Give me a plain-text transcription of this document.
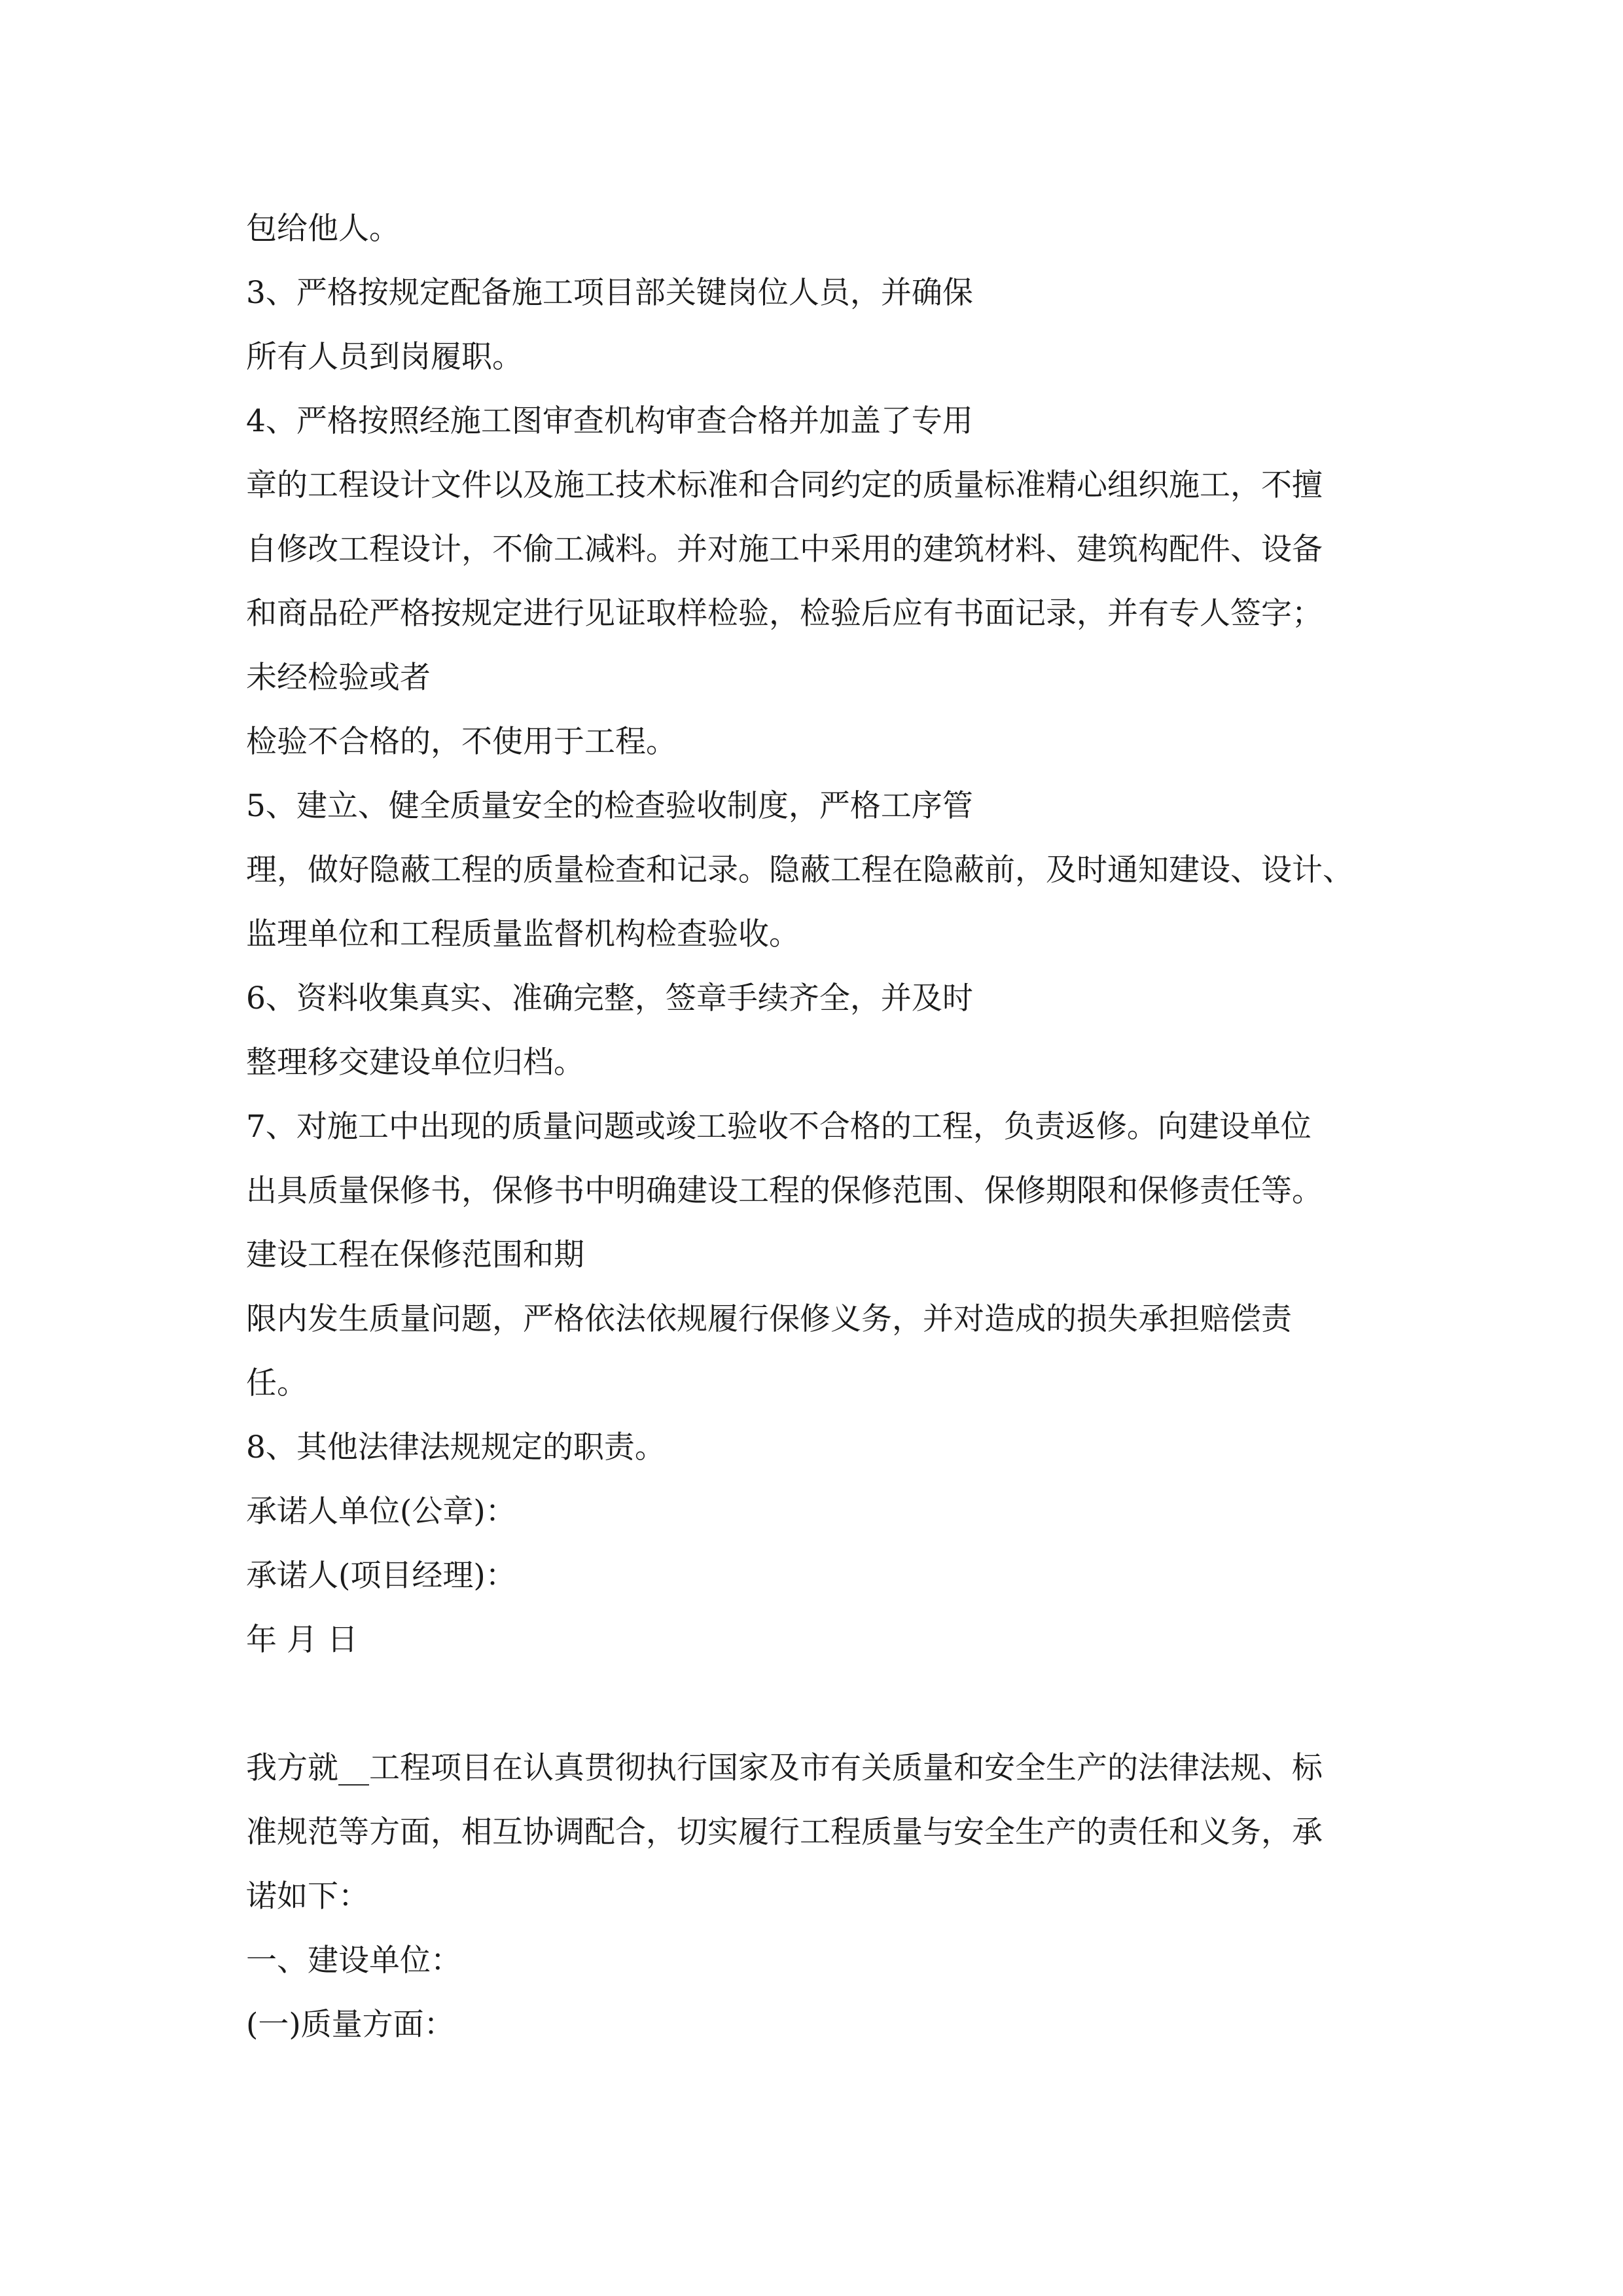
包给他人。
3、严格按规定配备施工项目部关键岗位人员，并确保
所有人员到岗履职。
4、严格按照经施工图审查机构审查合格并加盖了专用
章的工程设计文件以及施工技术标准和合同约定的质量标准精心组织施工，不擅
自修改工程设计，不偷工减料。并对施工中采用的建筑材料、建筑构配件、设备
和商品砼严格按规定进行见证取样检验，检验后应有书面记录，并有专人签字；
未经检验或者
检验不合格的，不使用于工程。
5、建立、健全质量安全的检查验收制度，严格工序管
理，做好隐蔽工程的质量检查和记录。隐蔽工程在隐蔽前，及时通知建设、设计、
监理单位和工程质量监督机构检查验收。
6、资料收集真实、准确完整，签章手续齐全，并及时
整理移交建设单位归档。
7、对施工中出现的质量问题或竣工验收不合格的工程，负责返修。向建设单位
出具质量保修书，保修书中明确建设工程的保修范围、保修期限和保修责任等。
建设工程在保修范围和期
限内发生质量问题，严格依法依规履行保修义务，并对造成的损失承担赔偿责
任。
8、其他法律法规规定的职责。
承诺人单位(公章)：
承诺人(项目经理)：
年 月 日
我方就__工程项目在认真贯彻执行国家及市有关质量和安全生产的法律法规、标
准规范等方面，相互协调配合，切实履行工程质量与安全生产的责任和义务，承
诺如下：
一、建设单位：
(一)质量方面：
